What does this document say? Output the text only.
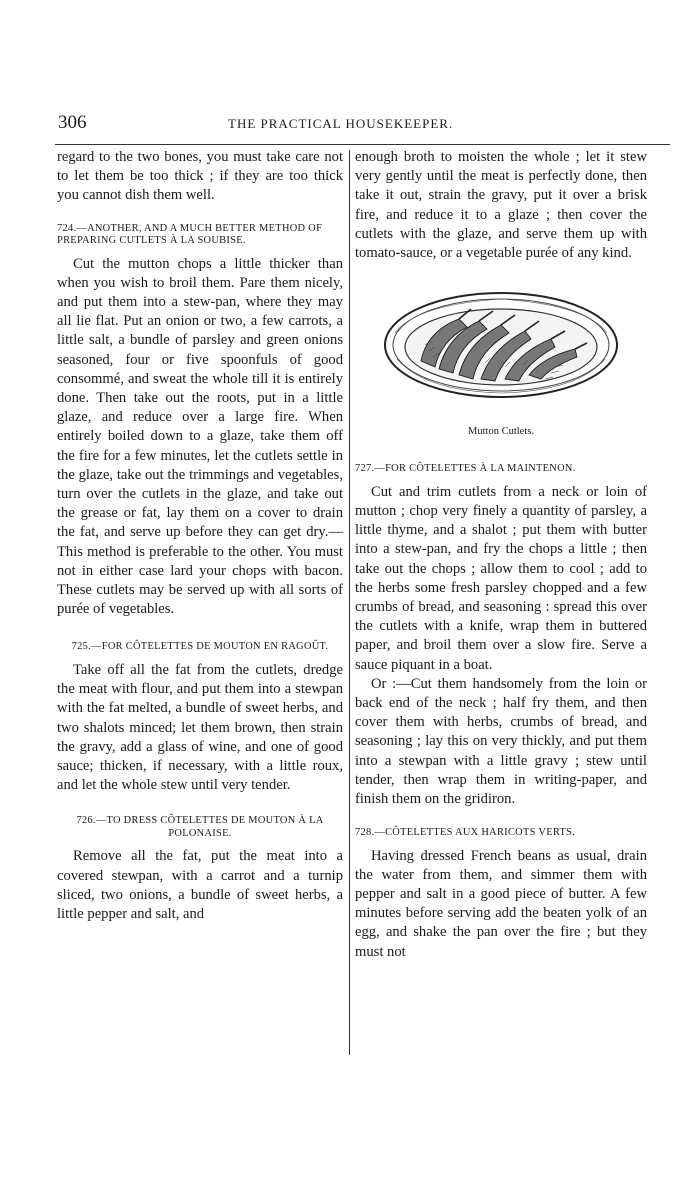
306	THE PRACTICAL HOUSEKEEPER.

regard to the two bones, you must take care not to let them be too thick ; if they are too thick you cannot dish them well.

724.—ANOTHER, AND A MUCH BETTER METHOD OF PREPARING CUTLETS À LA SOUBISE.

Cut the mutton chops a little thicker than when you wish to broil them. Pare them nicely, and put them into a stew-pan, where they may all lie flat. Put an onion or two, a few carrots, a little salt, a bundle of parsley and green onions seasoned, four or five spoonfuls of good consommé, and sweat the whole till it is entirely done. Then take out the roots, put in a little glaze, and reduce over a large fire. When entirely boiled down to a glaze, take them off the fire for a few minutes, let the cutlets settle in the glaze, take out the trimmings and vegetables, turn over the cutlets in the glaze, and take out the grease or fat, lay them on a cover to drain the fat, and serve up before they can get dry.—This method is preferable to the other. You must not in either case lard your chops with bacon. These cutlets may be served up with all sorts of purée of vegetables.

725.—FOR CÔTELETTES DE MOUTON EN RAGOÛT.

Take off all the fat from the cutlets, dredge the meat with flour, and put them into a stewpan with the fat melted, a bundle of sweet herbs, and two shalots minced; let them brown, then strain the gravy, add a glass of wine, and one of good sauce; thicken, if necessary, with a little roux, and let the whole stew until very tender.

726.—TO DRESS CÔTELETTES DE MOUTON À LA POLONAISE.

Remove all the fat, put the meat into a covered stewpan, with a carrot and a turnip sliced, two onions, a bundle of sweet herbs, a little pepper and salt, and

enough broth to moisten the whole ; let it stew very gently until the meat is perfectly done, then take it out, strain the gravy, put it over a brisk fire, and reduce it to a glaze ; then cover the cutlets with the glaze, and serve them up with tomato-sauce, or a vegetable purée of any kind.

Mutton Cutlets.

727.—FOR CÔTELETTES À LA MAINTENON.

Cut and trim cutlets from a neck or loin of mutton ; chop very finely a quantity of parsley, a little thyme, and a shalot ; put them with butter into a stew-pan, and fry the chops a little ; then take out the chops ; allow them to cool ; add to the herbs some fresh parsley chopped and a few crumbs of bread, and seasoning : spread this over the cutlets with a knife, wrap them in buttered paper, and broil them over a slow fire. Serve a sauce piquant in a boat.

Or :—Cut them handsomely from the loin or back end of the neck ; half fry them, and then cover them with herbs, crumbs of bread, and seasoning ; lay this on very thickly, and put them into a stewpan with a little gravy ; stew until tender, then wrap them in writing-paper, and finish them on the gridiron.

728.—CÔTELETTES AUX HARICOTS VERTS.

Having dressed French beans as usual, drain the water from them, and simmer them with pepper and salt in a good piece of butter. A few minutes before serving add the beaten yolk of an egg, and shake the pan over the fire ; but they must not
